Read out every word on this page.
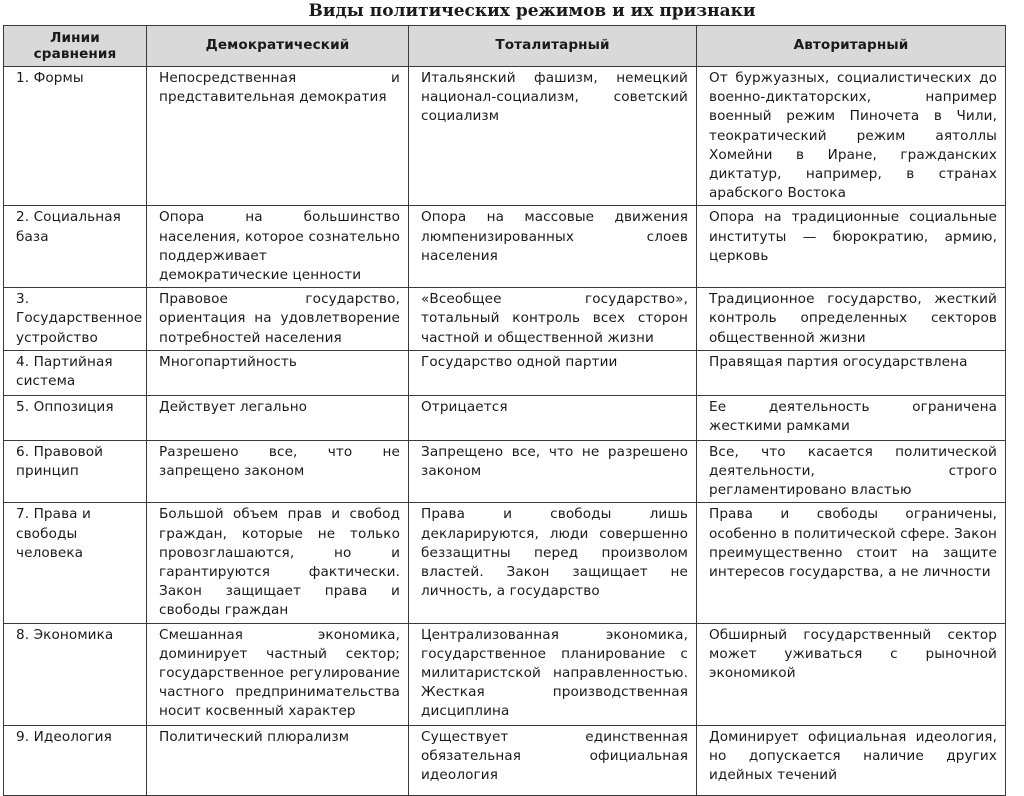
Виды политических режимов и их признаки
Линии сравнения	Демократический	Тоталитарный	Авторитарный
1. Формы	Непосредственная и представительная демократия	Итальянский фашизм, немецкий национал-социализм, советский социализм	От буржуазных, социалистических до военно-диктаторских, например военный режим Пиночета в Чили, теократический режим аятоллы Хомейни в Иране, гражданских диктатур, например, в странах арабского Востока
2. Социальная база	Опора на большинство населения, которое сознательно поддерживает демократические ценности	Опора на массовые движения люмпенизированных слоев населения	Опора на традиционные социальные институты — бюрократию, армию, церковь
3. Государственное устройство	Правовое государство, ориентация на удовлетворение потребностей населения	«Всеобщее государство», тотальный контроль всех сторон частной и общественной жизни	Традиционное государство, жесткий контроль определенных секторов общественной жизни
4. Партийная система	Многопартийность	Государство одной партии	Правящая партия огосударствлена
5. Оппозиция	Действует легально	Отрицается	Ее деятельность ограничена жесткими рамками
6. Правовой принцип	Разрешено все, что не запрещено законом	Запрещено все, что не разрешено законом	Все, что касается политической деятельности, строго регламентировано властью
7. Права и свободы человека	Большой объем прав и свобод граждан, которые не только провозглашаются, но и гарантируются фактически. Закон защищает права и свободы граждан	Права и свободы лишь декларируются, люди совершенно беззащитны перед произволом властей. Закон защищает не личность, а государство	Права и свободы ограничены, особенно в политической сфере. Закон преимущественно стоит на защите интересов государства, а не личности
8. Экономика	Смешанная экономика, доминирует частный сектор; государственное регулирование частного предпринимательства носит косвенный характер	Централизованная экономика, государственное планирование с милитаристской направленностью. Жесткая производственная дисциплина	Обширный государственный сектор может уживаться с рыночной экономикой
9. Идеология	Политический плюрализм	Существует единственная обязательная официальная идеология	Доминирует официальная идеология, но допускается наличие других идейных течений
